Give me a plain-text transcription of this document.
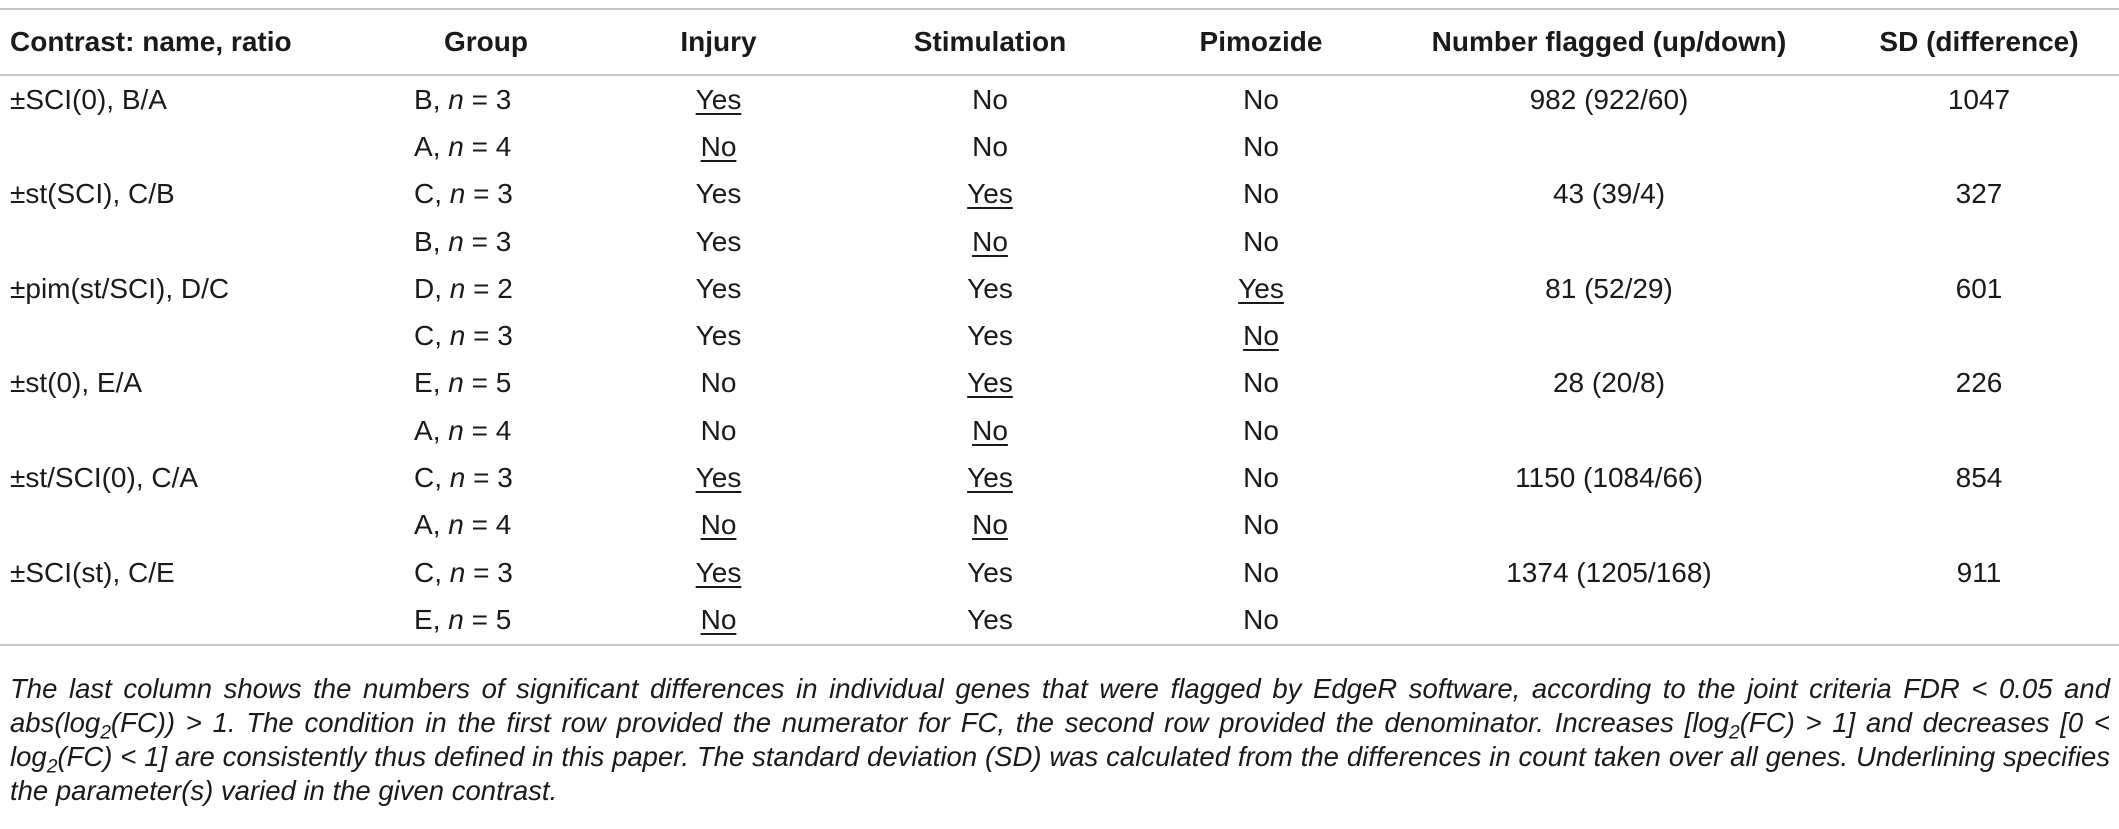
Contrast: name, ratio	Group	Injury	Stimulation	Pimozide	Number flagged (up/down)	SD (difference)
±SCI(0), B/A	B, n = 3	Yes	No	No	982 (922/60)	1047
	A, n = 4	No	No	No		
±st(SCI), C/B	C, n = 3	Yes	Yes	No	43 (39/4)	327
	B, n = 3	Yes	No	No		
±pim(st/SCI), D/C	D, n = 2	Yes	Yes	Yes	81 (52/29)	601
	C, n = 3	Yes	Yes	No		
±st(0), E/A	E, n = 5	No	Yes	No	28 (20/8)	226
	A, n = 4	No	No	No		
±st/SCI(0), C/A	C, n = 3	Yes	Yes	No	1150 (1084/66)	854
	A, n = 4	No	No	No		
±SCI(st), C/E	C, n = 3	Yes	Yes	No	1374 (1205/168)	911
	E, n = 5	No	Yes	No		
The last column shows the numbers of significant differences in individual genes that were flagged by EdgeR software, according to the joint criteria FDR < 0.05 and $abs(\log_2(FC)) > 1$. The condition in the first row provided the numerator for FC, the second row provided the denominator. Increases $[\log_2(FC) > 1]$ and decreases $[0 < \log_2(FC) < 1]$ are consistently thus defined in this paper. The standard deviation (SD) was calculated from the differences in count taken over all genes. Underlining specifies the parameter(s) varied in the given contrast.
